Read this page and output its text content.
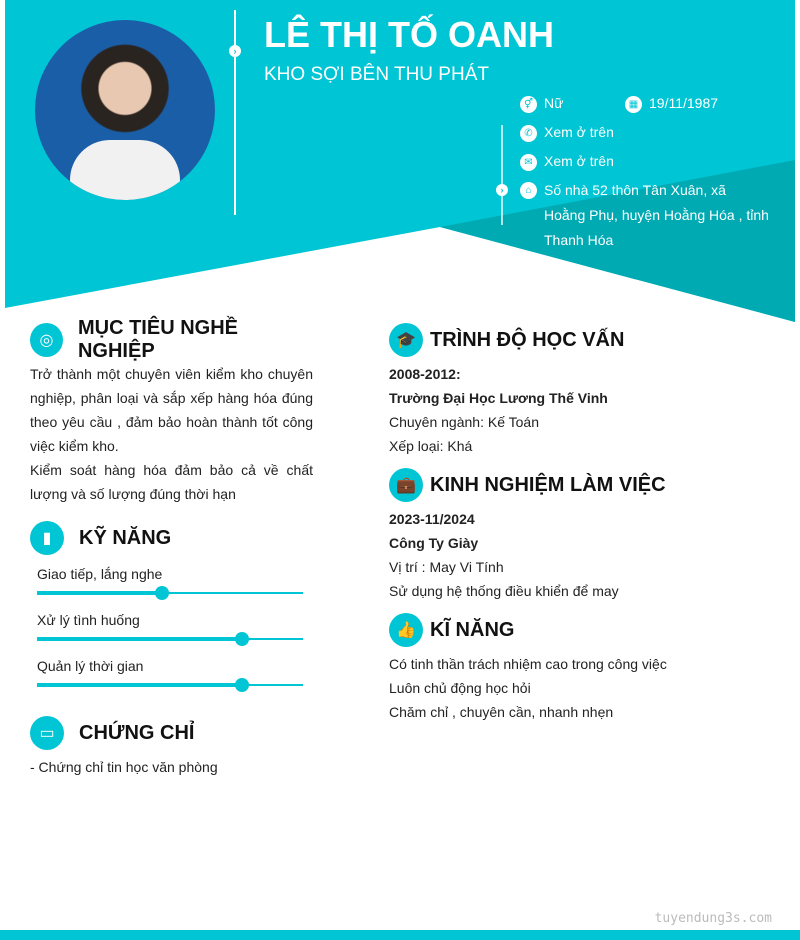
› LÊ THỊ TỐ OANH
KHO SỢI BÊN THU PHÁT
›
⚥ Nữ	▦ 19/11/1987
✆ Xem ở trên
✉ Xem ở trên
⌂ Số nhà 52 thôn Tân Xuân, xã Hoằng Phụ, huyện Hoằng Hóa , tỉnh Thanh Hóa
◎
MỤC TIÊU NGHỀ NGHIỆP
Trở thành một chuyên viên kiểm kho chuyên nghiệp, phân loại và sắp xếp hàng hóa đúng theo yêu cầu , đảm bảo hoàn thành tốt công việc kiểm kho.
Kiểm soát hàng hóa đảm bảo cả về chất lượng và số lượng đúng thời hạn
▮	KỸ NĂNG
Giao tiếp, lắng nghe
Xử lý tình huống
Quản lý thời gian
▭	CHỨNG CHỈ
- Chứng chỉ tin học văn phòng
🎓 TRÌNH ĐỘ HỌC VẤN
2008-2012:
Trường Đại Học Lương Thế Vinh
Chuyên ngành: Kế Toán
Xếp loại: Khá
💼 KINH NGHIỆM LÀM VIỆC
2023-11/2024
Công Ty Giày
Vị trí : May Vi Tính
Sử dụng hệ thống điều khiển để may
👍 KĨ NĂNG
Có tinh thần trách nhiệm cao trong công việc
Luôn chủ động học hỏi
Chăm chỉ , chuyên cần, nhanh nhẹn
tuyendung3s.com
